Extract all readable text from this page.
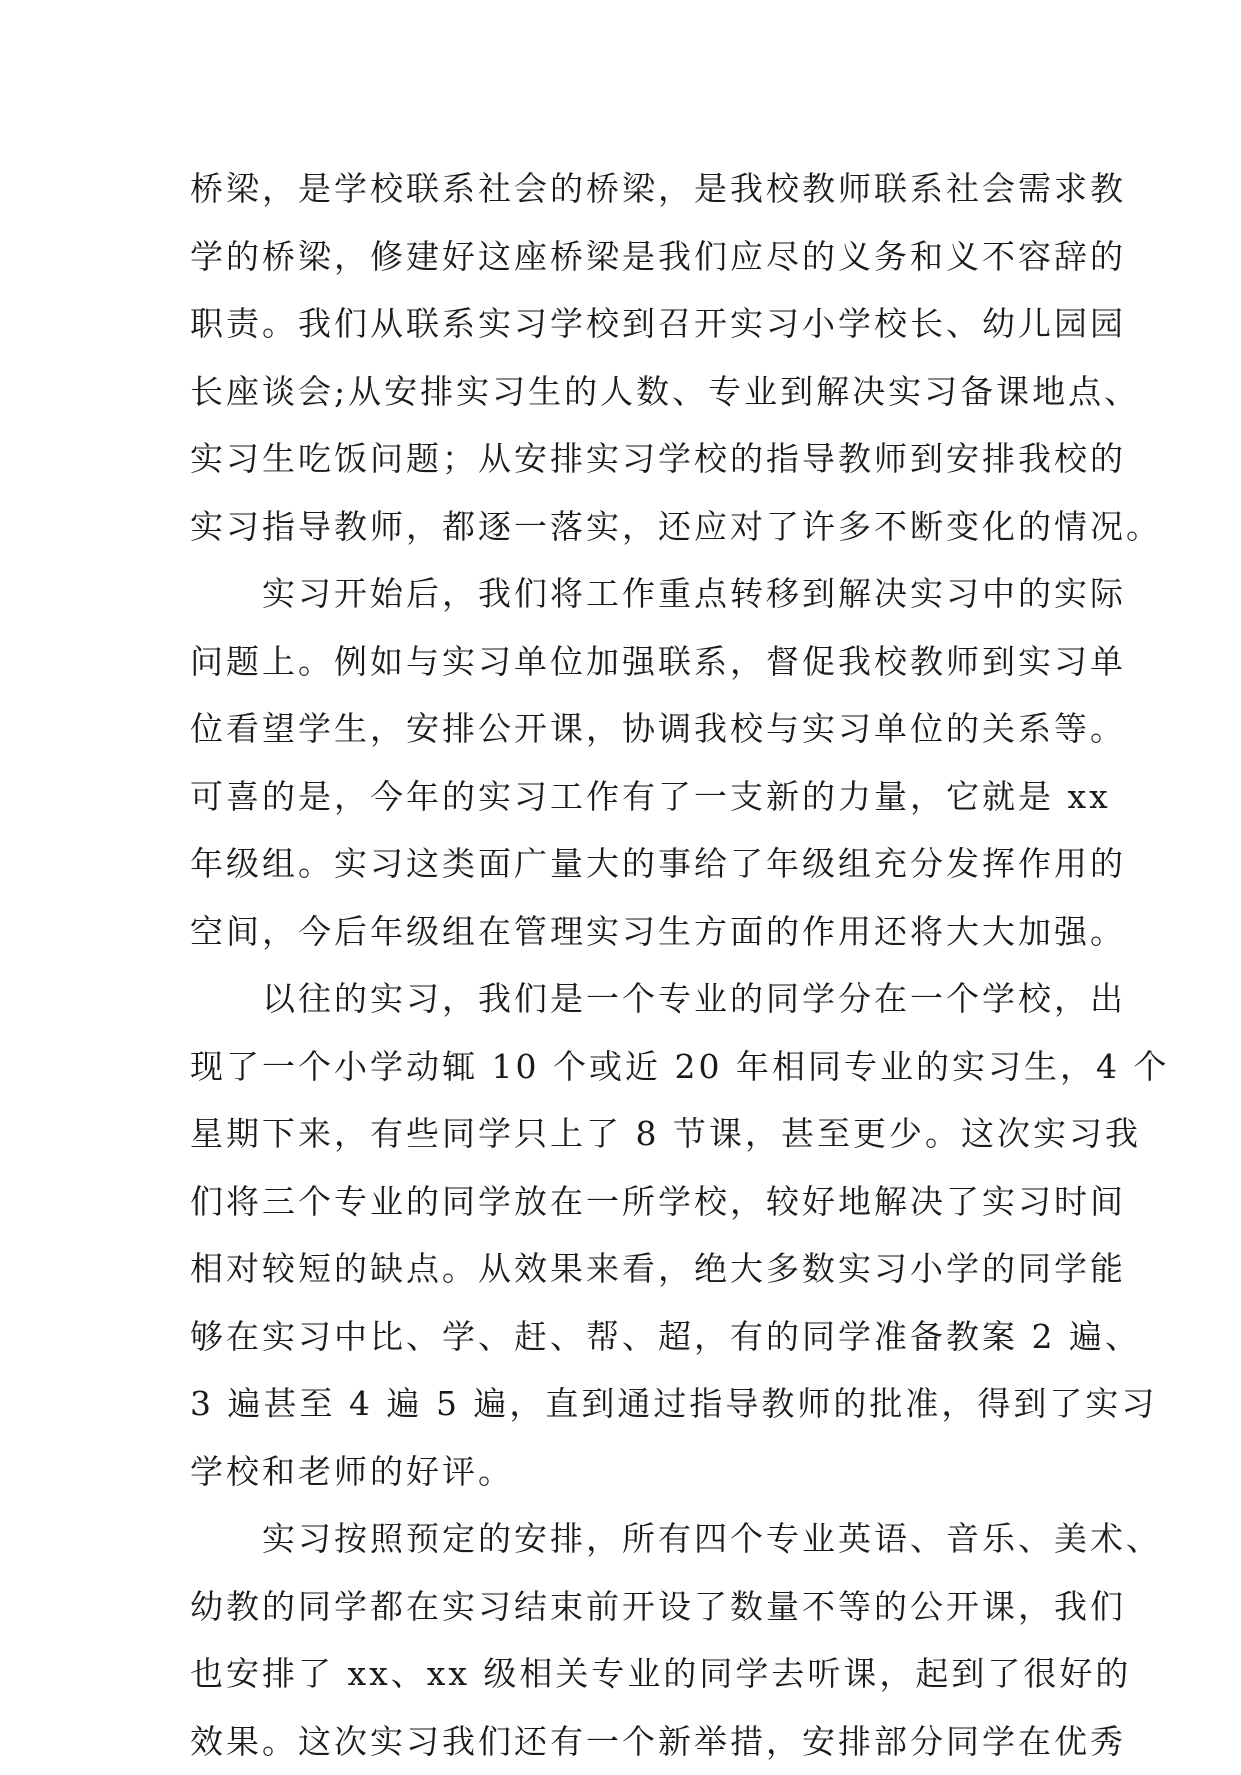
桥梁，是学校联系社会的桥梁，是我校教师联系社会需求教
学的桥梁，修建好这座桥梁是我们应尽的义务和义不容辞的
职责。我们从联系实习学校到召开实习小学校长、幼儿园园
长座谈会;从安排实习生的人数、专业到解决实习备课地点、
实习生吃饭问题；从安排实习学校的指导教师到安排我校的
实习指导教师，都逐一落实，还应对了许多不断变化的情况。
　　实习开始后，我们将工作重点转移到解决实习中的实际
问题上。例如与实习单位加强联系，督促我校教师到实习单
位看望学生，安排公开课，协调我校与实习单位的关系等。
可喜的是，今年的实习工作有了一支新的力量，它就是 xx
年级组。实习这类面广量大的事给了年级组充分发挥作用的
空间，今后年级组在管理实习生方面的作用还将大大加强。
　　以往的实习，我们是一个专业的同学分在一个学校，出
现了一个小学动辄 10 个或近 20 年相同专业的实习生，4 个
星期下来，有些同学只上了 8 节课，甚至更少。这次实习我
们将三个专业的同学放在一所学校，较好地解决了实习时间
相对较短的缺点。从效果来看，绝大多数实习小学的同学能
够在实习中比、学、赶、帮、超，有的同学准备教案 2 遍、
3 遍甚至 4 遍 5 遍，直到通过指导教师的批准，得到了实习
学校和老师的好评。
　　实习按照预定的安排，所有四个专业英语、音乐、美术、
幼教的同学都在实习结束前开设了数量不等的公开课，我们
也安排了 xx、xx 级相关专业的同学去听课，起到了很好的
效果。这次实习我们还有一个新举措，安排部分同学在优秀
